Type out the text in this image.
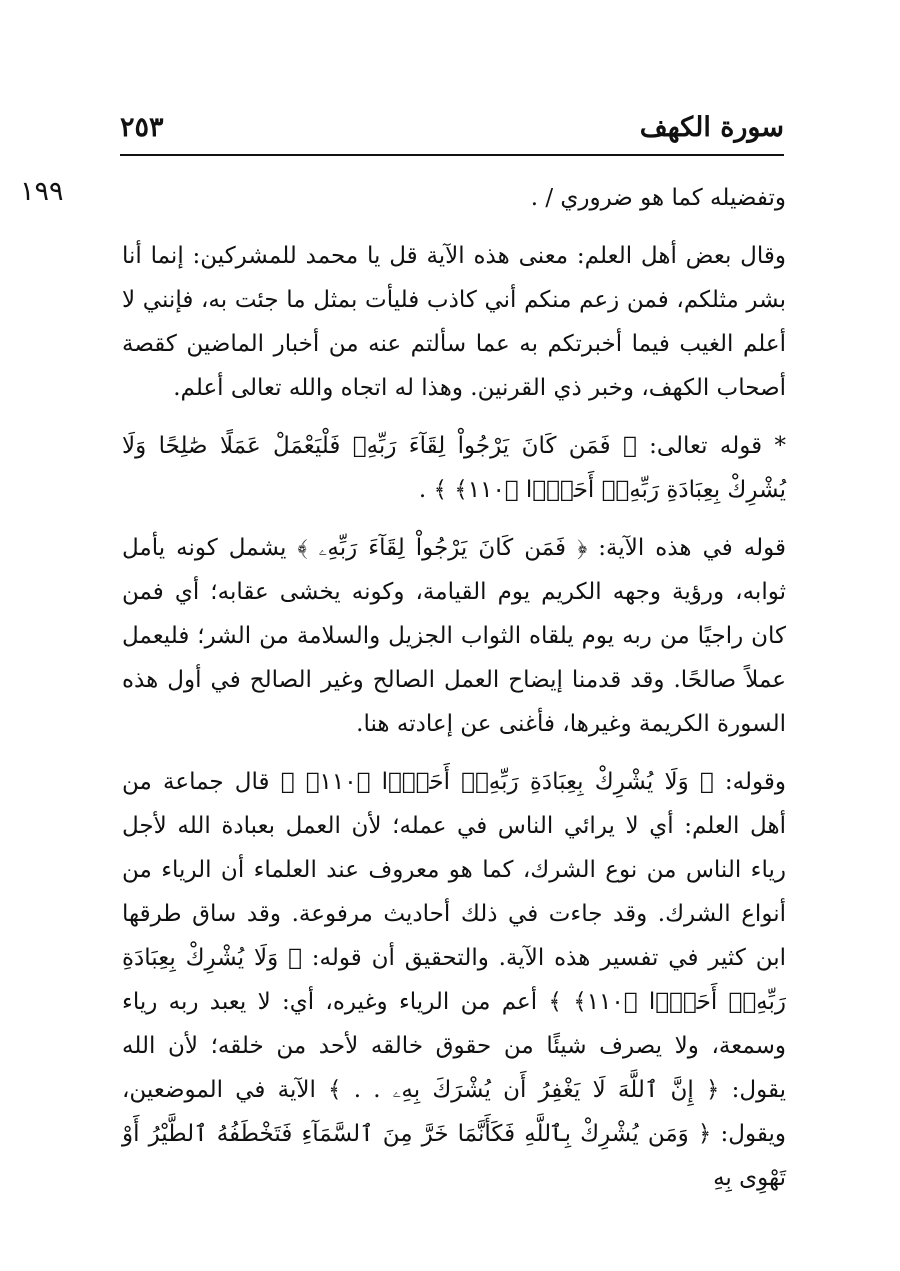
سورة الكهف
٢٥٣
١٩٩	وتفضيله كما هو ضروري / .

وقال بعض أهل العلم: معنى هذه الآية قل يا محمد للمشركين: إنما أنا بشر مثلكم، فمن زعم منكم أني كاذب فليأت بمثل ما جئت به، فإنني لا أعلم الغيب فيما أخبرتكم به عما سألتم عنه من أخبار الماضين كقصة أصحاب الكهف، وخبر ذي القرنين. وهذا له اتجاه والله تعالى أعلم.

* قوله تعالى: ﴿ فَمَن كَانَ يَرْجُواْ لِقَآءَ رَبِّهِۦ فَلْيَعْمَلْ عَمَلًا صَٰلِحًا وَلَا يُشْرِكْ بِعِبَادَةِ رَبِّهِۦٓ أَحَدًۢا ﴿١١٠﴾ ﴾ .

قوله في هذه الآية: ﴿ فَمَن كَانَ يَرْجُواْ لِقَآءَ رَبِّهِۦ ﴾ يشمل كونه يأمل ثوابه، ورؤية وجهه الكريم يوم القيامة، وكونه يخشى عقابه؛ أي فمن كان راجيًا من ربه يوم يلقاه الثواب الجزيل والسلامة من الشر؛ فليعمل عملاً صالحًا. وقد قدمنا إيضاح العمل الصالح وغير الصالح في أول هذه السورة الكريمة وغيرها، فأغنى عن إعادته هنا.

وقوله: ﴿ وَلَا يُشْرِكْ بِعِبَادَةِ رَبِّهِۦٓ أَحَدًۢا ﴿١١٠﴾ ﴾ قال جماعة من أهل العلم: أي لا يرائي الناس في عمله؛ لأن العمل بعبادة الله لأجل رياء الناس من نوع الشرك، كما هو معروف عند العلماء أن الرياء من أنواع الشرك. وقد جاءت في ذلك أحاديث مرفوعة. وقد ساق طرقها ابن كثير في تفسير هذه الآية. والتحقيق أن قوله: ﴿ وَلَا يُشْرِكْ بِعِبَادَةِ رَبِّهِۦٓ أَحَدًۢا ﴿١١٠﴾ ﴾ أعم من الرياء وغيره، أي: لا يعبد ربه رياء وسمعة، ولا يصرف شيئًا من حقوق خالقه لأحد من خلقه؛ لأن الله يقول: ﴿ إِنَّ ٱللَّهَ لَا يَغْفِرُ أَن يُشْرَكَ بِهِۦ . . ﴾ الآية في الموضعين، ويقول: ﴿ وَمَن يُشْرِكْ بِٱللَّهِ فَكَأَنَّمَا خَرَّ مِنَ ٱلسَّمَآءِ فَتَخْطَفُهُ ٱلطَّيْرُ أَوْ تَهْوِى بِهِ
